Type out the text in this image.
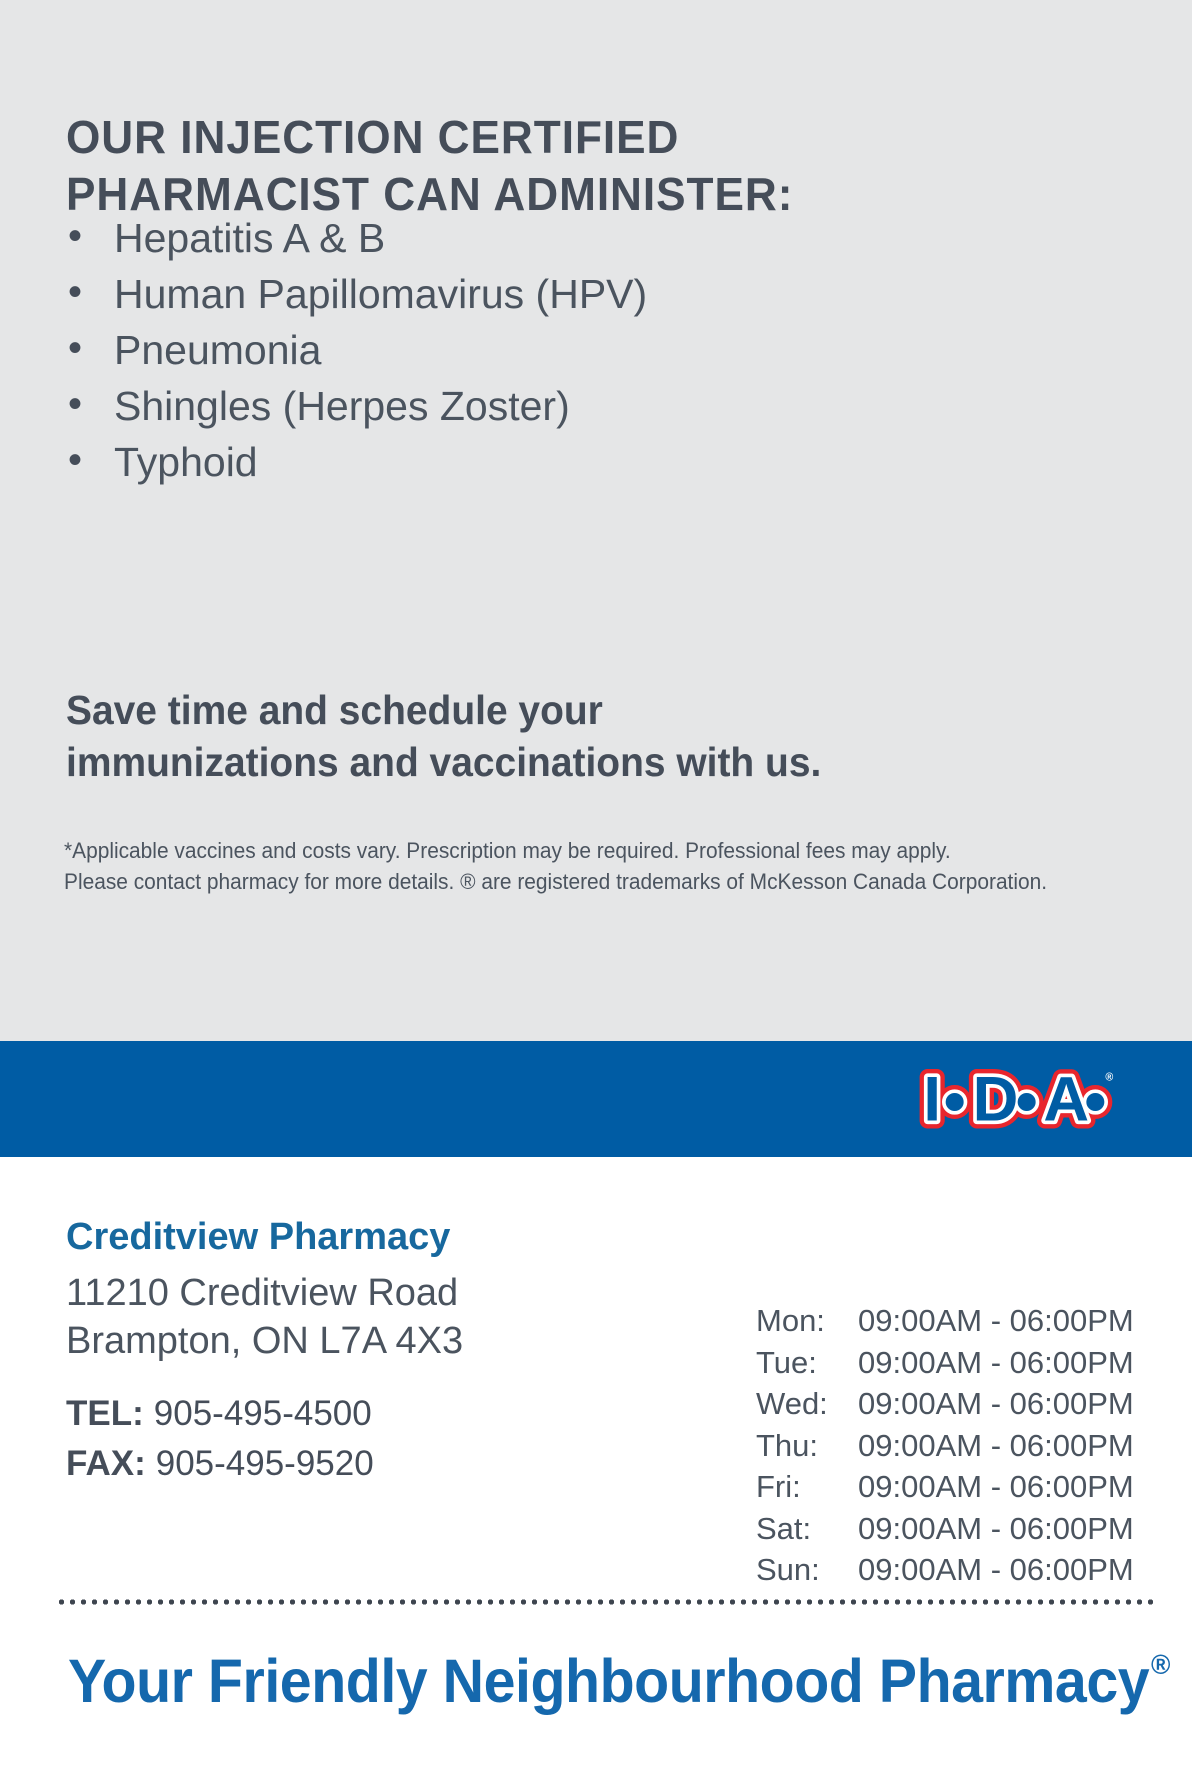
OUR INJECTION CERTIFIED
PHARMACIST CAN ADMINISTER:
• Hepatitis A & B
• Human Papillomavirus (HPV)
• Pneumonia
• Shingles (Herpes Zoster)
• Typhoid
Save time and schedule your
immunizations and vaccinations with us.

*Applicable vaccines and costs vary. Prescription may be required. Professional fees may apply.
Please contact pharmacy for more details. ® are registered trademarks of McKesson Canada Corporation.

®
Creditview Pharmacy
11210 Creditview Road
Brampton, ON L7A 4X3
TEL: 905-495-4500
FAX: 905-495-9520
Mon:	09:00AM - 06:00PM
Tue:	09:00AM - 06:00PM
Wed: 09:00AM - 06:00PM
Thu:	09:00AM - 06:00PM
Fri:	09:00AM - 06:00PM
Sat:	09:00AM - 06:00PM
Sun:	09:00AM - 06:00PM
Your Friendly Neighbourhood Pharmacy®
